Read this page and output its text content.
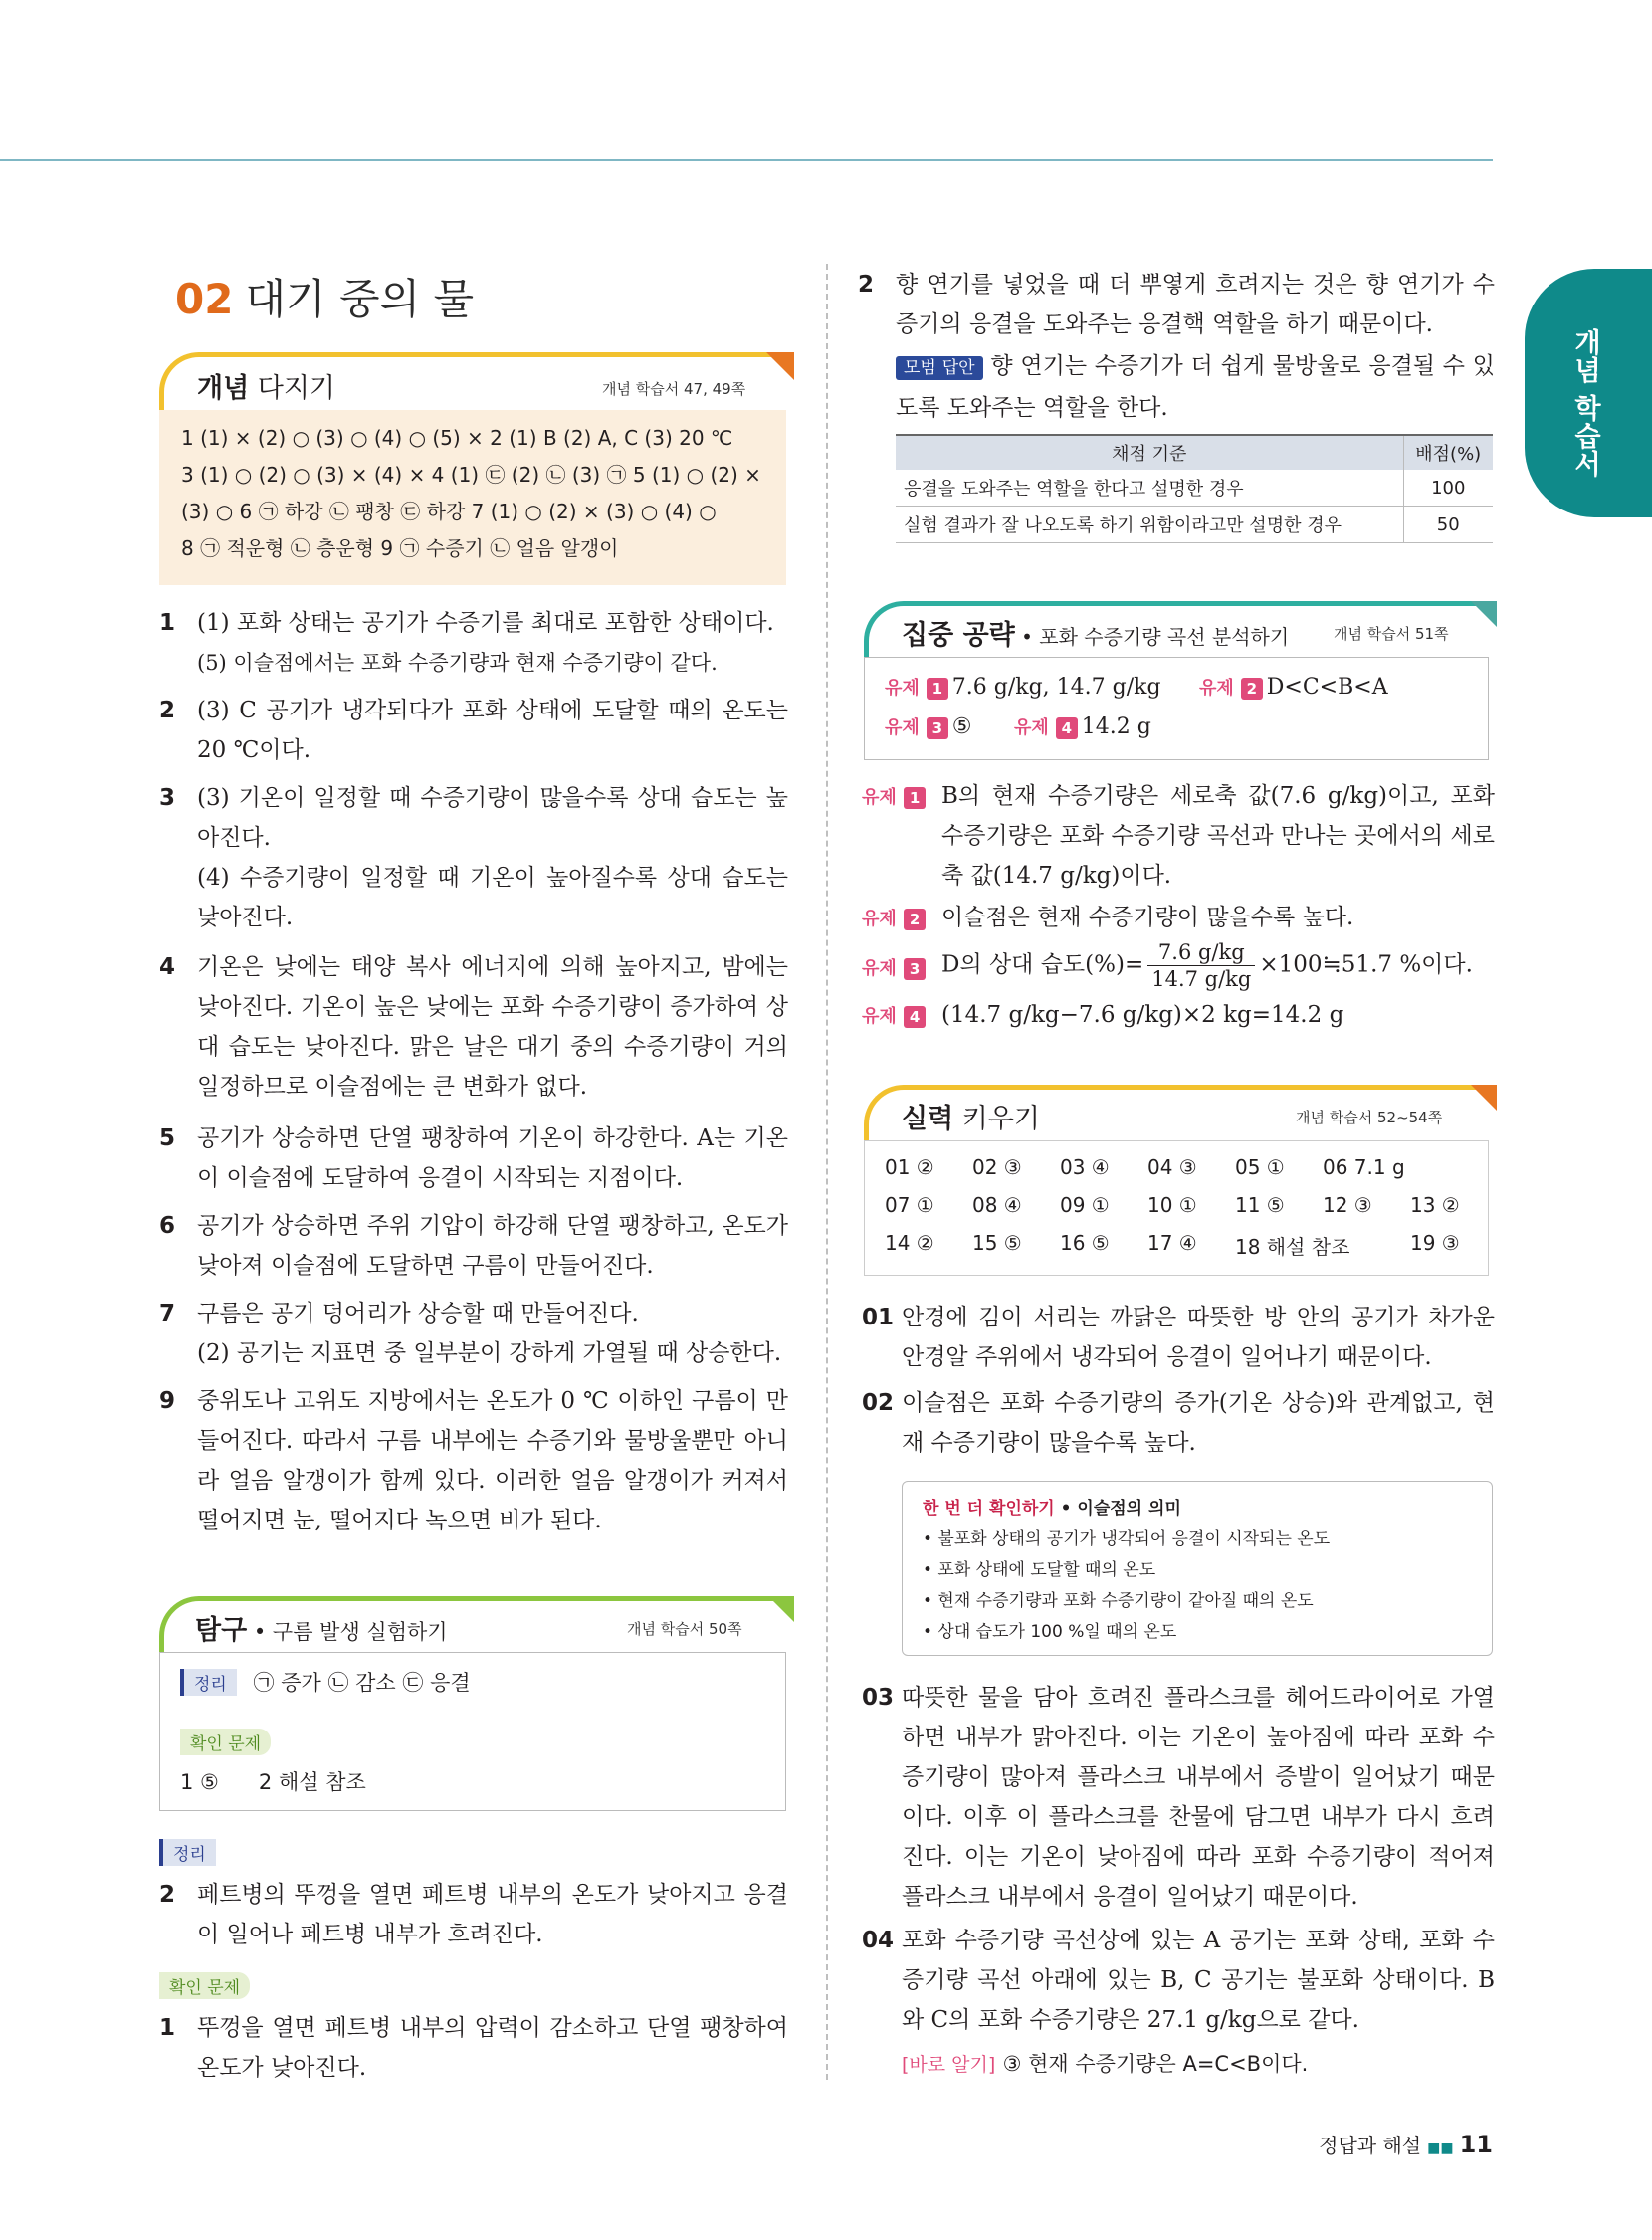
개념 학습서
02 대기 중의 물
개념 다지기	개념 학습서 47, 49쪽
1 (1) × (2) ○ (3) ○ (4) ○ (5) × 2 (1) B (2) A, C (3) 20 ℃
3 (1) ○ (2) ○ (3) × (4) × 4 (1) ㉢ (2) ㉡ (3) ㉠ 5 (1) ○ (2) ×
(3) ○ 6 ㉠ 하강 ㉡ 팽창 ㉢ 하강 7 (1) ○ (2) × (3) ○ (4) ○
8 ㉠ 적운형 ㉡ 층운형 9 ㉠ 수증기 ㉡ 얼음 알갱이
1 (1) 포화 상태는 공기가 수증기를 최대로 포함한 상태이다.
(5) 이슬점에서는 포화 수증기량과 현재 수증기량이 같다.
2 (3) C 공기가 냉각되다가 포화 상태에 도달할 때의 온도는 20 ℃이다.
3 (3) 기온이 일정할 때 수증기량이 많을수록 상대 습도는 높아진다.
(4) 수증기량이 일정할 때 기온이 높아질수록 상대 습도는 낮아진다.
4 기온은 낮에는 태양 복사 에너지에 의해 높아지고, 밤에는 낮아진다. 기온이 높은 낮에는 포화 수증기량이 증가하여 상대 습도는 낮아진다. 맑은 날은 대기 중의 수증기량이 거의 일정하므로 이슬점에는 큰 변화가 없다.
5 공기가 상승하면 단열 팽창하여 기온이 하강한다. A는 기온이 이슬점에 도달하여 응결이 시작되는 지점이다.
6 공기가 상승하면 주위 기압이 하강해 단열 팽창하고, 온도가 낮아져 이슬점에 도달하면 구름이 만들어진다.
7 구름은 공기 덩어리가 상승할 때 만들어진다.
(2) 공기는 지표면 중 일부분이 강하게 가열될 때 상승한다.
9 중위도나 고위도 지방에서는 온도가 0 ℃ 이하인 구름이 만들어진다. 따라서 구름 내부에는 수증기와 물방울뿐만 아니라 얼음 알갱이가 함께 있다. 이러한 얼음 알갱이가 커져서 떨어지면 눈, 떨어지다 녹으면 비가 된다.
탐구 • 구름 발생 실험하기	개념 학습서 50쪽
정리 ㉠ 증가 ㉡ 감소 ㉢ 응결
확인 문제
1 ⑤      2 해설 참조
정리
2 페트병의 뚜껑을 열면 페트병 내부의 온도가 낮아지고 응결이 일어나 페트병 내부가 흐려진다.
확인 문제
1 뚜껑을 열면 페트병 내부의 압력이 감소하고 단열 팽창하여 온도가 낮아진다.
2 향 연기를 넣었을 때 더 뿌옇게 흐려지는 것은 향 연기가 수증기의 응결을 도와주는 응결핵 역할을 하기 때문이다.
모범 답안 향 연기는 수증기가 더 쉽게 물방울로 응결될 수 있도록 도와주는 역할을 한다.
채점 기준	배점(%)
응결을 도와주는 역할을 한다고 설명한 경우	100
실험 결과가 잘 나오도록 하기 위함이라고만 설명한 경우	50
집중 공략 • 포화 수증기량 곡선 분석하기	개념 학습서 51쪽
유제 1 7.6 g/kg, 14.7 g/kg 유제 2 D<C<B<A
유제 3 ⑤ 유제 4 14.2 g
유제 1 B의 현재 수증기량은 세로축 값(7.6 g/kg)이고, 포화 수증기량은 포화 수증기량 곡선과 만나는 곳에서의 세로축 값(14.7 g/kg)이다.
유제 2 이슬점은 현재 수증기량이 많을수록 높다.
유제 3 D의 상대 습도(%)= $\frac{7.6 g/kg}{14.7 g/kg}$ ×100≒51.7 %이다.
유제 4 (14.7 g/kg−7.6 g/kg)×2 kg=14.2 g
실력 키우기	개념 학습서 52~54쪽
01 ② 02 ③ 03 ④ 04 ③ 05 ① 06 7.1 g
07 ① 08 ④ 09 ① 10 ① 11 ⑤ 12 ③ 13 ②
14 ② 15 ⑤ 16 ⑤ 17 ④ 18 해설 참조	19 ③
01 안경에 김이 서리는 까닭은 따뜻한 방 안의 공기가 차가운 안경알 주위에서 냉각되어 응결이 일어나기 때문이다.
02 이슬점은 포화 수증기량의 증가(기온 상승)와 관계없고, 현재 수증기량이 많을수록 높다.
한 번 더 확인하기 • 이슬점의 의미
• 불포화 상태의 공기가 냉각되어 응결이 시작되는 온도
• 포화 상태에 도달할 때의 온도
• 현재 수증기량과 포화 수증기량이 같아질 때의 온도
• 상대 습도가 100 %일 때의 온도
03 따뜻한 물을 담아 흐려진 플라스크를 헤어드라이어로 가열하면 내부가 맑아진다. 이는 기온이 높아짐에 따라 포화 수증기량이 많아져 플라스크 내부에서 증발이 일어났기 때문이다. 이후 이 플라스크를 찬물에 담그면 내부가 다시 흐려진다. 이는 기온이 낮아짐에 따라 포화 수증기량이 적어져 플라스크 내부에서 응결이 일어났기 때문이다.
04 포화 수증기량 곡선상에 있는 A 공기는 포화 상태, 포화 수증기량 곡선 아래에 있는 B, C 공기는 불포화 상태이다. B와 C의 포화 수증기량은 27.1 g/kg으로 같다.
[바로 알기] ③ 현재 수증기량은 A=C<B이다.
정답과 해설 ■■ 11
